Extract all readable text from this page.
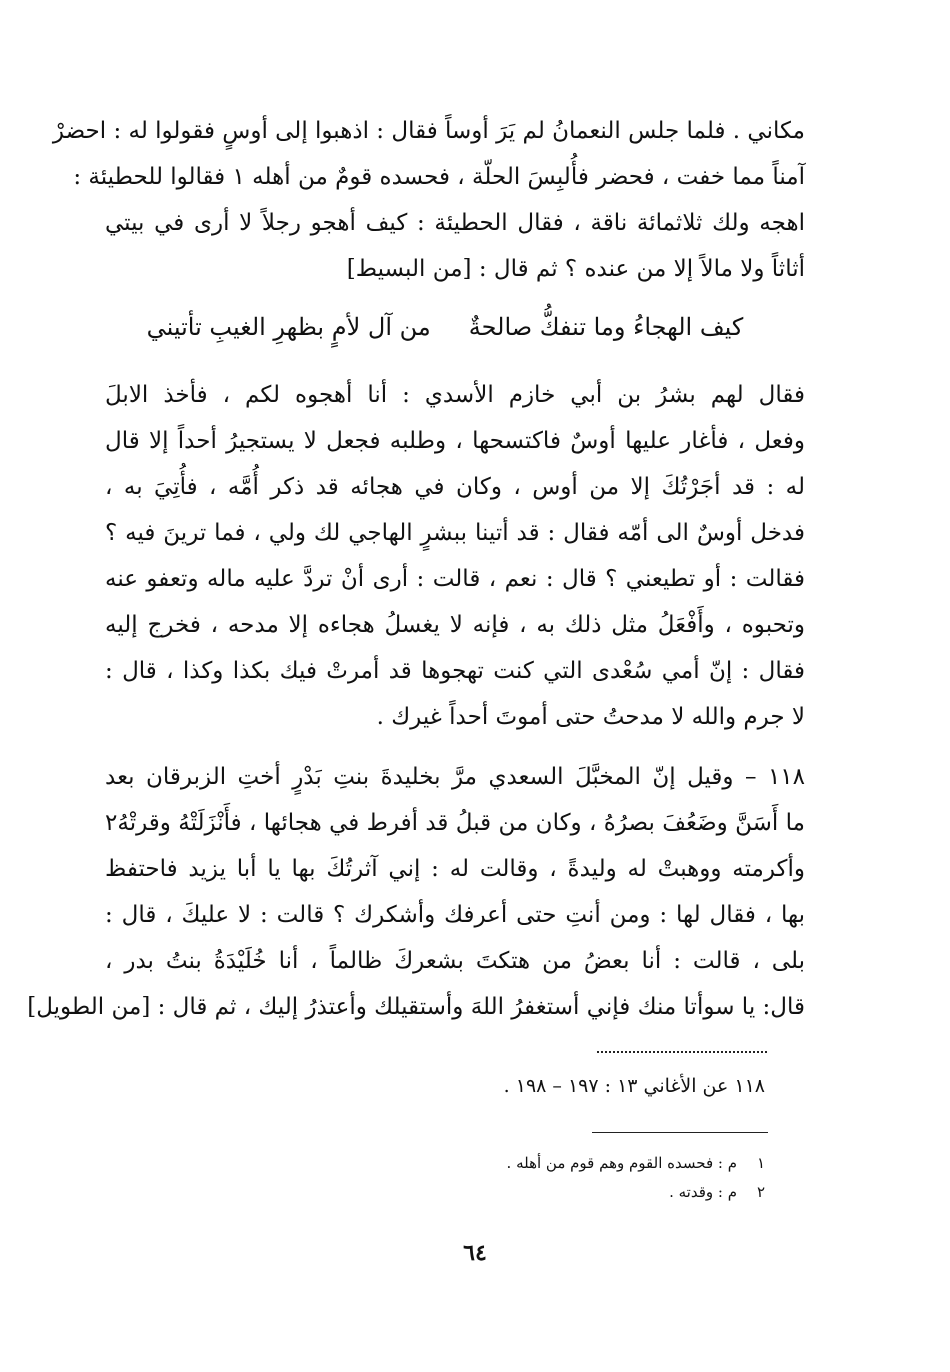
مكاني . فلما جلس النعمانُ لم يَرَ أوساً فقال : اذهبوا إلى أوسٍ فقولوا له : احضرْ
آمناً مما خفت ، فحضر فأُلبِسَ الحلّة ، فحسده قومٌ من أهله ١ فقالوا للحطيئة :
اهجه ولك ثلاثمائة ناقة ، فقال الحطيئة : كيف أهجو رجلاً لا أرى في بيتي
أثاثاً ولا مالاً إلا من عنده ؟ ثم قال : [من البسيط]
كيف الهجاءُ وما تنفكُّ صالحةٌمن آل لأمٍ بظهرِ الغيبِ تأتيني
فقال لهم بشرُ بن أبي خازم الأسدي : أنا أهجوه لكم ، فأخذ الابلَ
وفعل ، فأغار عليها أوسٌ فاكتسحها ، وطلبه فجعل لا يستجيرُ أحداً إلا قال
له : قد أجَرْتُكَ إلا من أوس ، وكان في هجائه قد ذكر أُمَّه ، فأُتِيَ به ،
فدخل أوسٌ الى أمّه فقال : قد أتينا ببشرٍ الهاجي لك ولي ، فما ترينَ فيه ؟
فقالت : أو تطيعني ؟ قال : نعم ، قالت : أرى أنْ تردَّ عليه ماله وتعفو عنه
وتحبوه ، وأَفْعَلُ مثل ذلك به ، فإنه لا يغسلُ هجاءه إلا مدحه ، فخرج إليه
فقال : إنّ أمي سُعْدى التي كنت تهجوها قد أمرتْ فيك بكذا وكذا ، قال :
لا جرم والله لا مدحتُ حتى أموتَ أحداً غيرك .
١١٨ – وقيل إنّ المخبَّلَ السعدي مرَّ بخليدةَ بنتِ بَدْرٍ أختِ الزبرقان بعد
ما أَسَنَّ وضَعُفَ بصرُهُ ، وكان من قبلُ قد أفرط في هجائها ، فأَنْزَلَتْهُ وقرتْهُ٢
وأكرمته ووهبتْ له وليدةً ، وقالت له : إني آثرتُكَ بها يا أبا يزيد فاحتفظ
بها ، فقال لها : ومن أنتِ حتى أعرفك وأشكرك ؟ قالت : لا عليكَ ، قال :
بلى ، قالت : أنا بعضُ من هتكتَ بشعركَ ظالماً ، أنا خُلَيْدَةُ بنتُ بدر ،
قال: يا سوأتا منك فإني أستغفرُ اللهَ وأستقيلك وأعتذرُ إليك ، ثم قال : [من الطويل]
١١٨ عن الأغاني ١٣ : ١٩٧ – ١٩٨ .
١م : فحسده القوم وهم قوم من أهله .
٢م : وقدته .
٦٤
